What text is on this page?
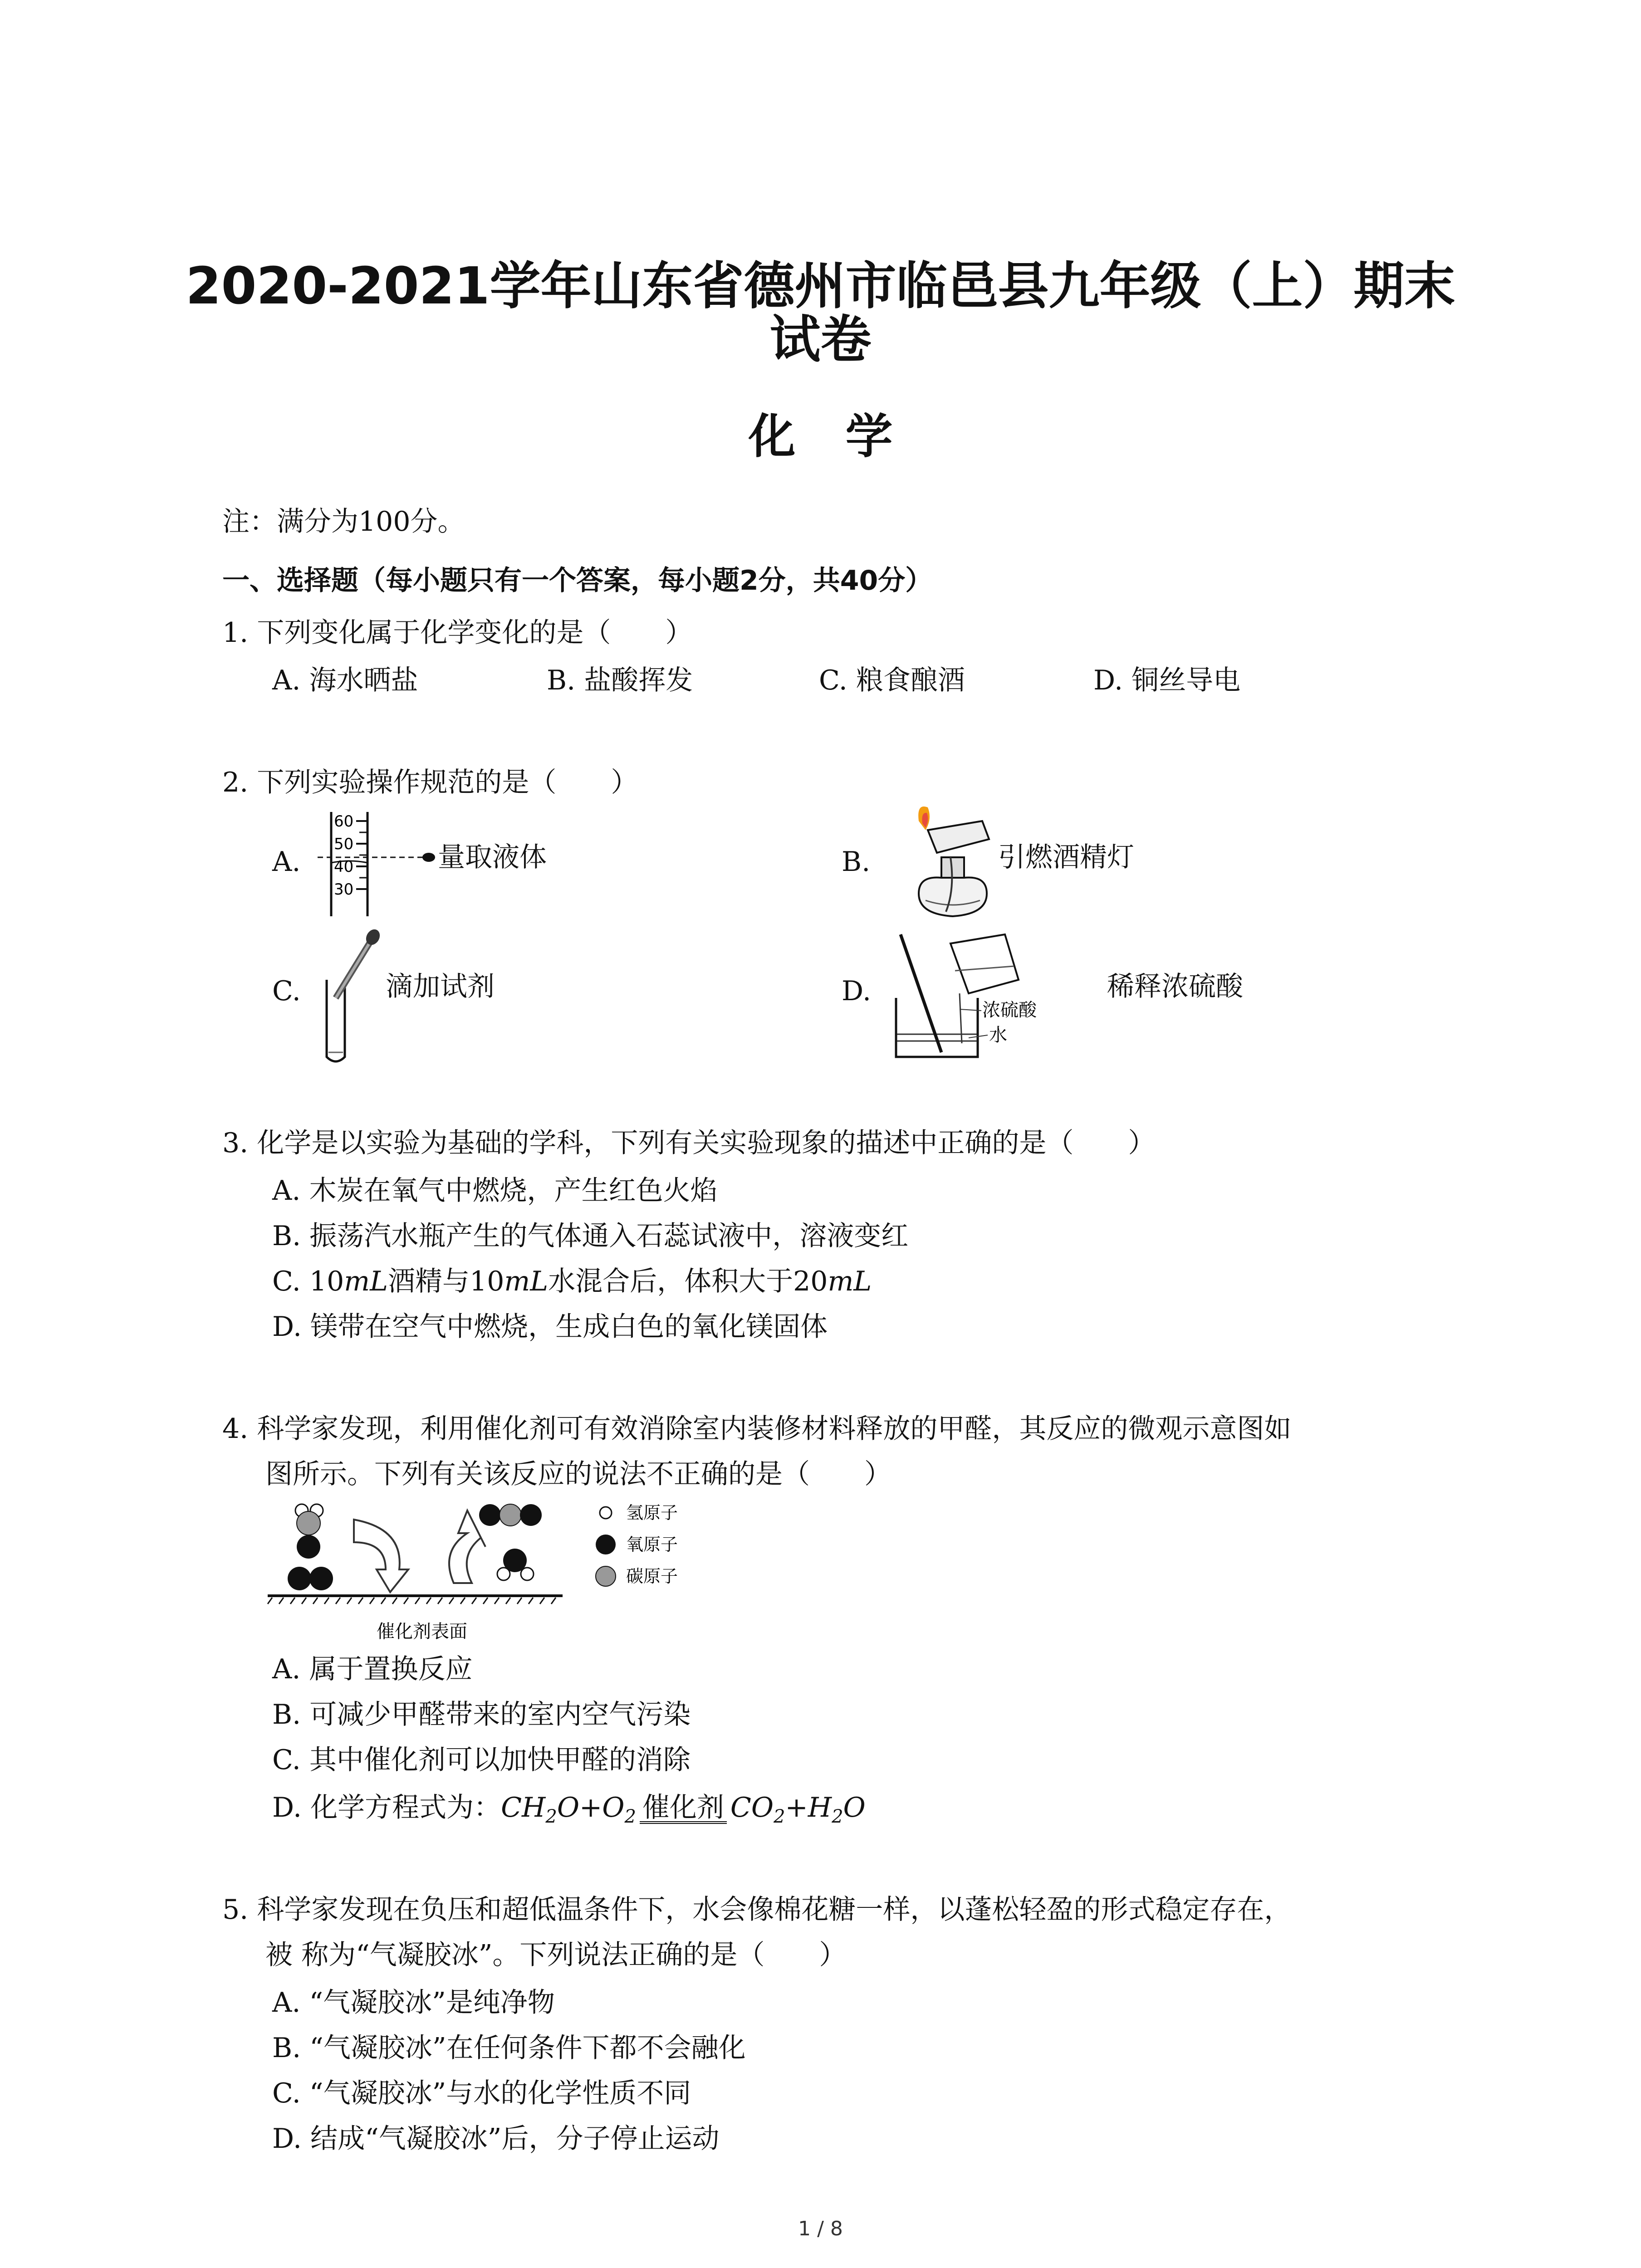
2020-2021学年山东省德州市临邑县九年级（上）期末
试卷
化学
注：满分为100分。
一、选择题（每小题只有一个答案，每小题2分，共40分）
1. 下列变化属于化学变化的是（　　）
A. 海水晒盐	B. 盐酸挥发	C. 粮食酿酒	D. 铜丝导电
2. 下列实验操作规范的是（　　）
A.
60
50
40
30
量取液体	B.	引燃酒精灯
C.	滴加试剂	D.
浓硫酸
水
稀释浓硫酸
3. 化学是以实验为基础的学科，下列有关实验现象的描述中正确的是（　　）
A. 木炭在氧气中燃烧，产生红色火焰
B. 振荡汽水瓶产生的气体通入石蕊试液中，溶液变红
C. 10mL酒精与10mL水混合后，体积大于20mL
D. 镁带在空气中燃烧，生成白色的氧化镁固体
4. 科学家发现，利用催化剂可有效消除室内装修材料释放的甲醛，其反应的微观示意图如
图所示。下列有关该反应的说法不正确的是（　　）
催化剂表面
氢原子
氧原子
碳原子
A. 属于置换反应
B. 可减少甲醛带来的室内空气污染
C. 其中催化剂可以加快甲醛的消除
D. 化学方程式为：$CH_2O+O_2$ 催化剂 $CO_2+H_2O$
5. 科学家发现在负压和超低温条件下，水会像棉花糖一样，以蓬松轻盈的形式稳定存在，
被 称为“气凝胶冰”。下列说法正确的是（　　）
A. “气凝胶冰”是纯净物
B. “气凝胶冰”在任何条件下都不会融化
C. “气凝胶冰”与水的化学性质不同
D. 结成“气凝胶冰”后，分子停止运动
1 / 8
